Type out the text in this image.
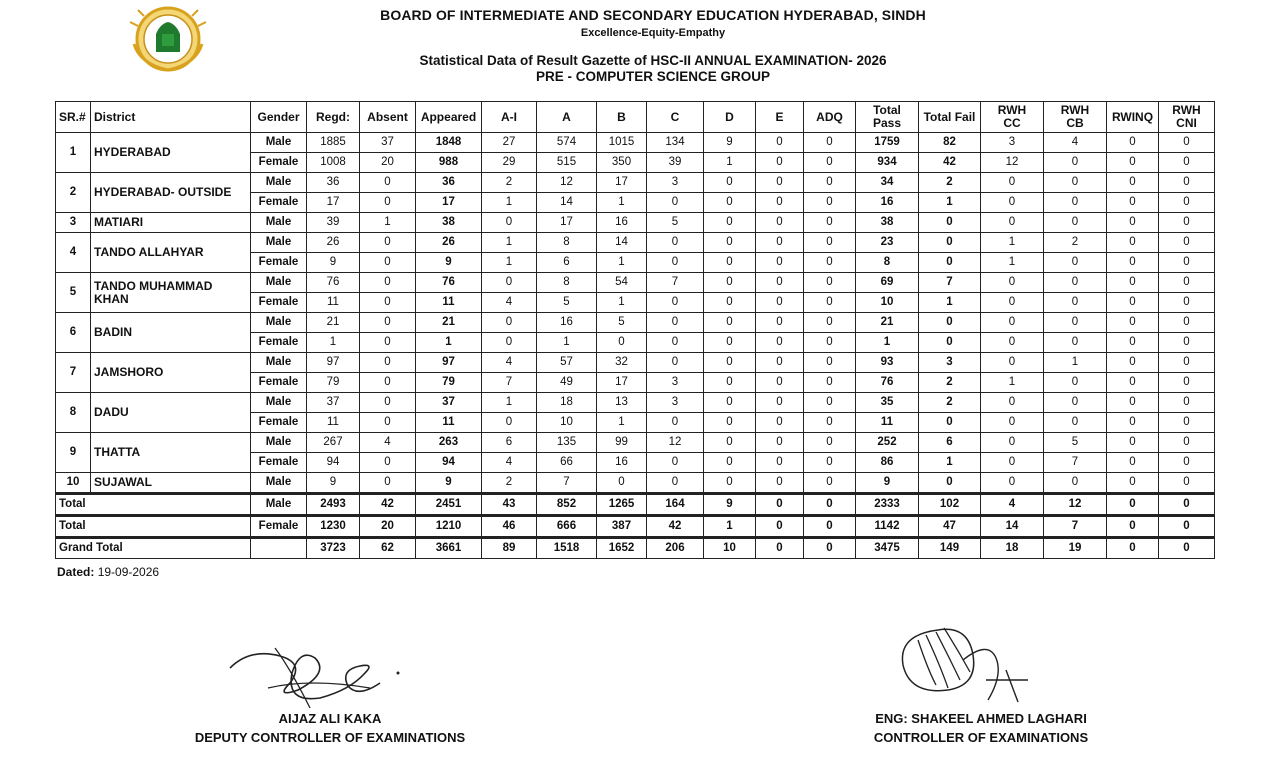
BOARD OF INTERMEDIATE AND SECONDARY EDUCATION HYDERABAD, SINDH

Excellence-Equity-Empathy

Statistical Data of Result Gazette of HSC-II ANNUAL EXAMINATION- 2026

PRE - COMPUTER SCIENCE GROUP

SR.#	District	Gender	Regd:	Absent	Appeared	A-I	A	B	C	D	E	ADQ	Total Pass	Total Fail	RWH CC	RWH CB	RWINQ	RWH CNI
1	HYDERABAD	Male	1885	37	1848	27	574	1015	134	9	0	0	1759	82	3	4	0	0
		Female	1008	20	988	29	515	350	39	1	0	0	934	42	12	0	0	0
2	HYDERABAD- OUTSIDE	Male	36	0	36	2	12	17	3	0	0	0	34	2	0	0	0	0
		Female	17	0	17	1	14	1	0	0	0	0	16	1	0	0	0	0
3	MATIARI	Male	39	1	38	0	17	16	5	0	0	0	38	0	0	0	0	0
4	TANDO ALLAHYAR	Male	26	0	26	1	8	14	0	0	0	0	23	0	1	2	0	0
		Female	9	0	9	1	6	1	0	0	0	0	8	0	1	0	0	0
5	TANDO MUHAMMAD KHAN	Male	76	0	76	0	8	54	7	0	0	0	69	7	0	0	0	0
		Female	11	0	11	4	5	1	0	0	0	0	10	1	0	0	0	0
6	BADIN	Male	21	0	21	0	16	5	0	0	0	0	21	0	0	0	0	0
		Female	1	0	1	0	1	0	0	0	0	0	1	0	0	0	0	0
7	JAMSHORO	Male	97	0	97	4	57	32	0	0	0	0	93	3	0	1	0	0
		Female	79	0	79	7	49	17	3	0	0	0	76	2	1	0	0	0
8	DADU	Male	37	0	37	1	18	13	3	0	0	0	35	2	0	0	0	0
		Female	11	0	11	0	10	1	0	0	0	0	11	0	0	0	0	0
9	THATTA	Male	267	4	263	6	135	99	12	0	0	0	252	6	0	5	0	0
		Female	94	0	94	4	66	16	0	0	0	0	86	1	0	7	0	0
10	SUJAWAL	Male	9	0	9	2	7	0	0	0	0	0	9	0	0	0	0	0
Total		Male	2493	42	2451	43	852	1265	164	9	0	0	2333	102	4	12	0	0
Total		Female	1230	20	1210	46	666	387	42	1	0	0	1142	47	14	7	0	0
Grand Total			3723	62	3661	89	1518	1652	206	10	0	0	3475	149	18	19	0	0
Dated: 19-09-2026
AIJAZ ALI KAKA
DEPUTY CONTROLLER OF EXAMINATIONS
ENG: SHAKEEL AHMED LAGHARI
CONTROLLER OF EXAMINATIONS
